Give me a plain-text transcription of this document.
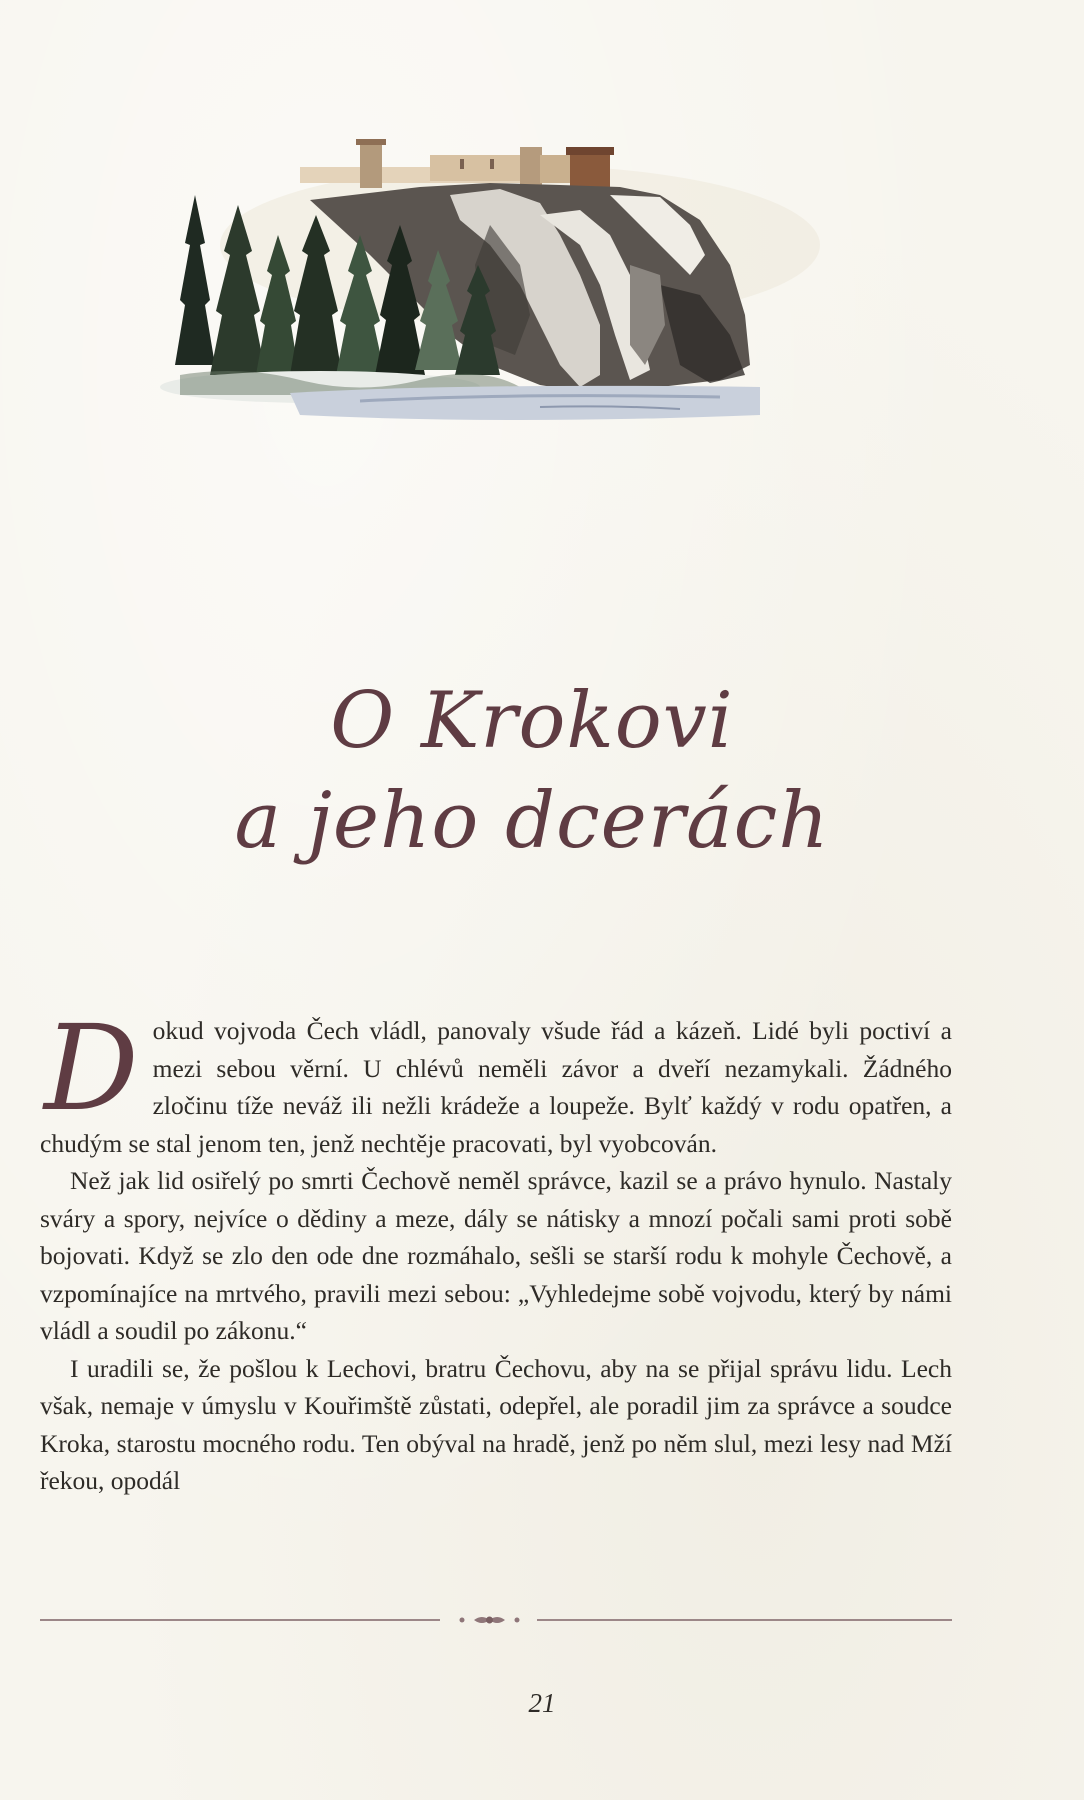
O Krokovi
a jeho dcerách

Dokud vojvoda Čech vládl, panovaly všude řád a kázeň. Lidé byli poctiví a mezi sebou věrní. U chlévů neměli závor a dveří nezamykali. Žádného zločinu tíže neváž ili nežli krádeže a loupeže. Bylť každý v rodu opatřen, a chudým se stal jenom ten, jenž nechtěje pracovati, byl vyobcován.

Než jak lid osiřelý po smrti Čechově neměl správce, kazil se a právo hynulo. Nastaly sváry a spory, nejvíce o dědiny a meze, dály se nátisky a mnozí počali sami proti sobě bojovati. Když se zlo den ode dne rozmáhalo, sešli se starší rodu k mohyle Čechově, a vzpomínajíce na mrtvého, pravili mezi sebou: „Vyhledejme sobě vojvodu, který by námi vládl a soudil po zákonu.“

I uradili se, že pošlou k Lechovi, bratru Čechovu, aby na se přijal správu lidu. Lech však, nemaje v úmyslu v Kouřimště zůstati, odepřel, ale poradil jim za správce a soudce Kroka, starostu mocného rodu. Ten obýval na hradě, jenž po něm slul, mezi lesy nad Mží řekou, opodál

21
